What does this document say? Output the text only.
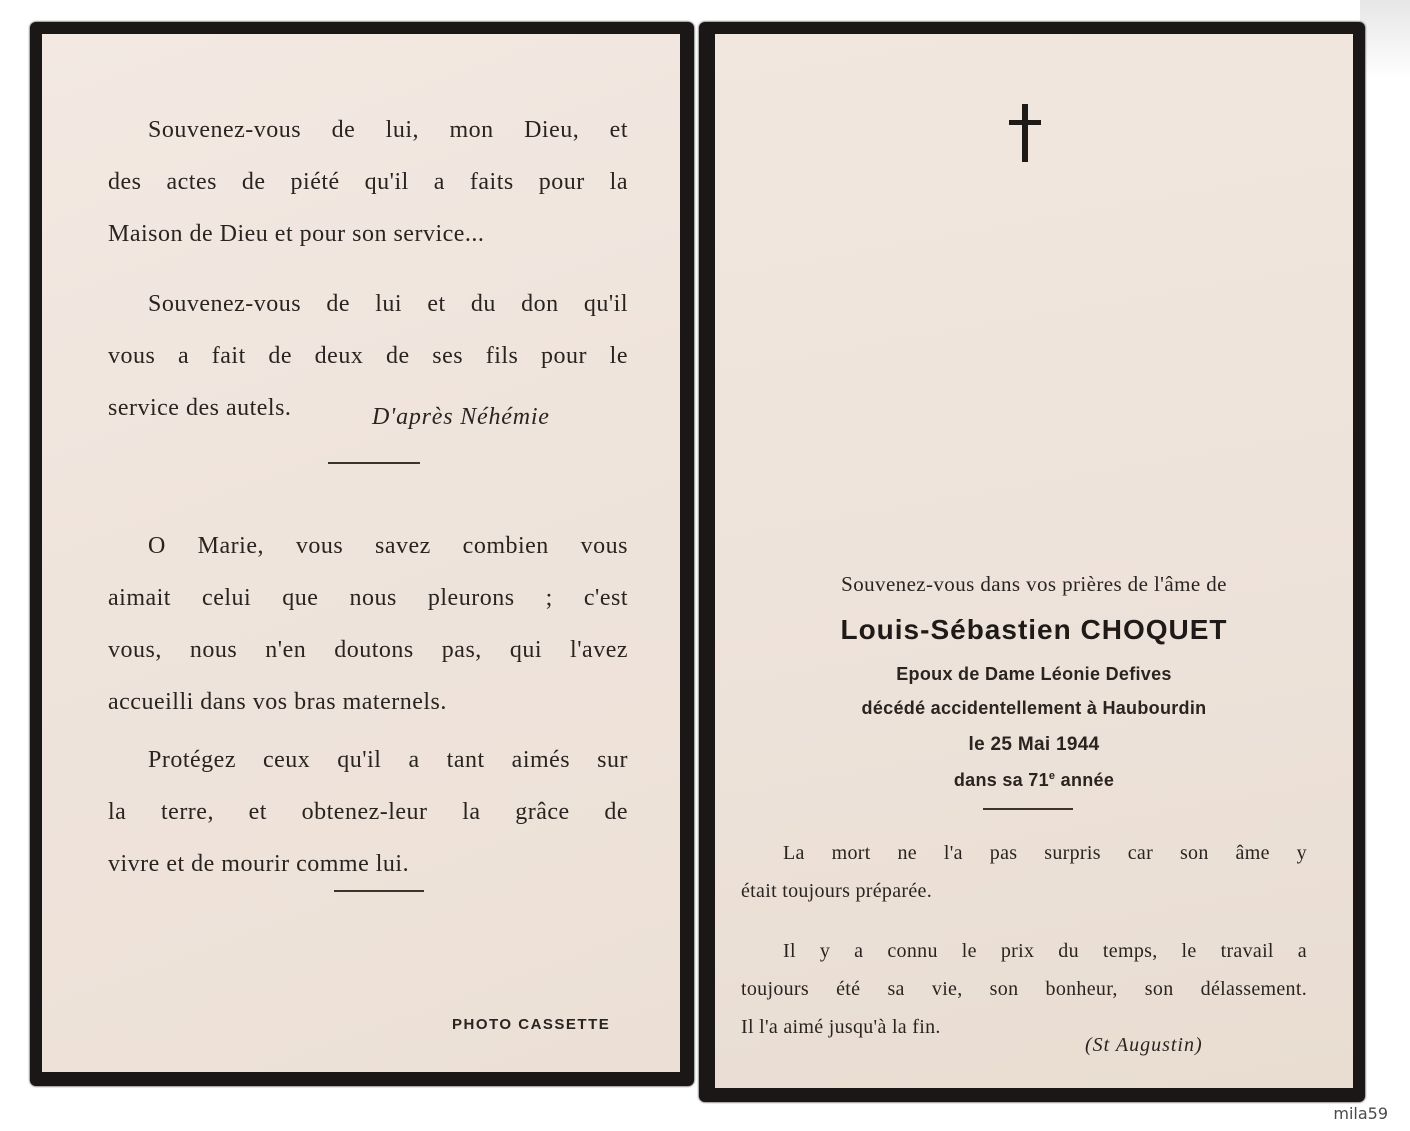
Souvenez-vous de lui, mon Dieu, et
des actes de piété qu'il a faits pour la
Maison de Dieu et pour son service...
Souvenez-vous de lui et du don qu'il
vous a fait de deux de ses fils pour le
service des autels.	D'après Néhémie
O Marie, vous savez combien vous
aimait celui que nous pleurons ; c'est
vous, nous n'en doutons pas, qui l'avez
accueilli dans vos bras maternels.
Protégez ceux qu'il a tant aimés sur
la terre, et obtenez-leur la grâce de
vivre et de mourir comme lui.
PHOTO CASSETTE
Souvenez-vous dans vos prières de l'âme de
Louis-Sébastien CHOQUET
Epoux de Dame Léonie Defives
décédé accidentellement à Haubourdin
le 25 Mai 1944
dans sa 71e année
La mort ne l'a pas surpris car son âme y
était toujours préparée.
Il y a connu le prix du temps, le travail a
toujours été sa vie, son bonheur, son délassement.
Il l'a aimé jusqu'à la fin.
(St Augustin)
mila59
